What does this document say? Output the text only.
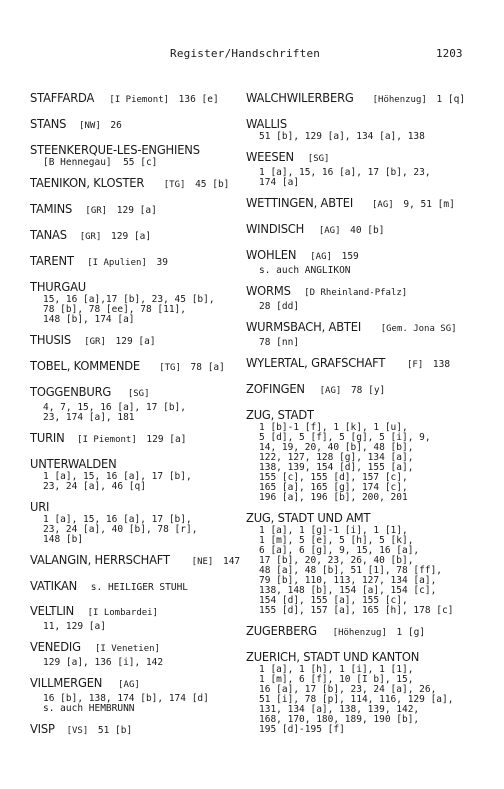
Register/Handschriften	1203
STAFFARDA [I Piemont] 136 [e]
STANS [NW] 26
STEENKERQUE-LES-ENGHIENS
[B Hennegau]  55 [c]
TAENIKON, KLOSTER [TG] 45 [b]
TAMINS [GR] 129 [a]
TANAS [GR] 129 [a]
TARENT [I Apulien] 39
THURGAU
15, 16 [a],17 [b], 23, 45 [b],
78 [b], 78 [ee], 78 [11],
148 [b], 174 [a]
THUSIS [GR] 129 [a]
TOBEL, KOMMENDE [TG] 78 [a]
TOGGENBURG [SG]
4, 7, 15, 16 [a], 17 [b],
23, 174 [a], 181
TURIN [I Piemont] 129 [a]
UNTERWALDEN
1 [a], 15, 16 [a], 17 [b],
23, 24 [a], 46 [q]
URI
1 [a], 15, 16 [a], 17 [b],
23, 24 [a], 40 [b], 78 [r],
148 [b]
VALANGIN, HERRSCHAFT [NE] 147
VATIKAN s. HEILIGER STUHL
VELTLIN [I Lombardei]
11, 129 [a]
VENEDIG [I Venetien]
129 [a], 136 [i], 142
VILLMERGEN [AG]
16 [b], 138, 174 [b], 174 [d]
s. auch HEMBRUNN
VISP [VS] 51 [b]
WALCHWILERBERG [Höhenzug] 1 [q]
WALLIS
51 [b], 129 [a], 134 [a], 138
WEESEN [SG]
1 [a], 15, 16 [a], 17 [b], 23,
174 [a]
WETTINGEN, ABTEI [AG] 9, 51 [m]
WINDISCH [AG] 40 [b]
WOHLEN [AG] 159
s. auch ANGLIKON
WORMS [D Rheinland-Pfalz]
28 [dd]
WURMSBACH, ABTEI [Gem. Jona SG]
78 [nn]
WYLERTAL, GRAFSCHAFT [F] 138
ZOFINGEN [AG] 78 [y]
ZUG, STADT
1 [b]-1 [f], 1 [k], 1 [u],
5 [d], 5 [f], 5 [g], 5 [i], 9,
14, 19, 20, 40 [b], 48 [b],
122, 127, 128 [g], 134 [a],
138, 139, 154 [d], 155 [a],
155 [c], 155 [d], 157 [c],
165 [a], 165 [g], 174 [c],
196 [a], 196 [b], 200, 201
ZUG, STADT UND AMT
1 [a], 1 [g]-1 [i], 1 [1],
1 [m], 5 [e], 5 [h], 5 [k],
6 [a], 6 [g], 9, 15, 16 [a],
17 [b], 20, 23, 26, 40 [b],
48 [a], 48 [b], 51 [1], 78 [ff],
79 [b], 110, 113, 127, 134 [a],
138, 148 [b], 154 [a], 154 [c],
154 [d], 155 [a], 155 [c],
155 [d], 157 [a], 165 [h], 178 [c]
ZUGERBERG [Höhenzug] 1 [g]
ZUERICH, STADT UND KANTON
1 [a], 1 [h], 1 [i], 1 [1],
1 [m], 6 [f], 10 [I b], 15,
16 [a], 17 [b], 23, 24 [a], 26,
51 [i], 78 [p], 114, 116, 129 [a],
131, 134 [a], 138, 139, 142,
168, 170, 180, 189, 190 [b],
195 [d]-195 [f]
